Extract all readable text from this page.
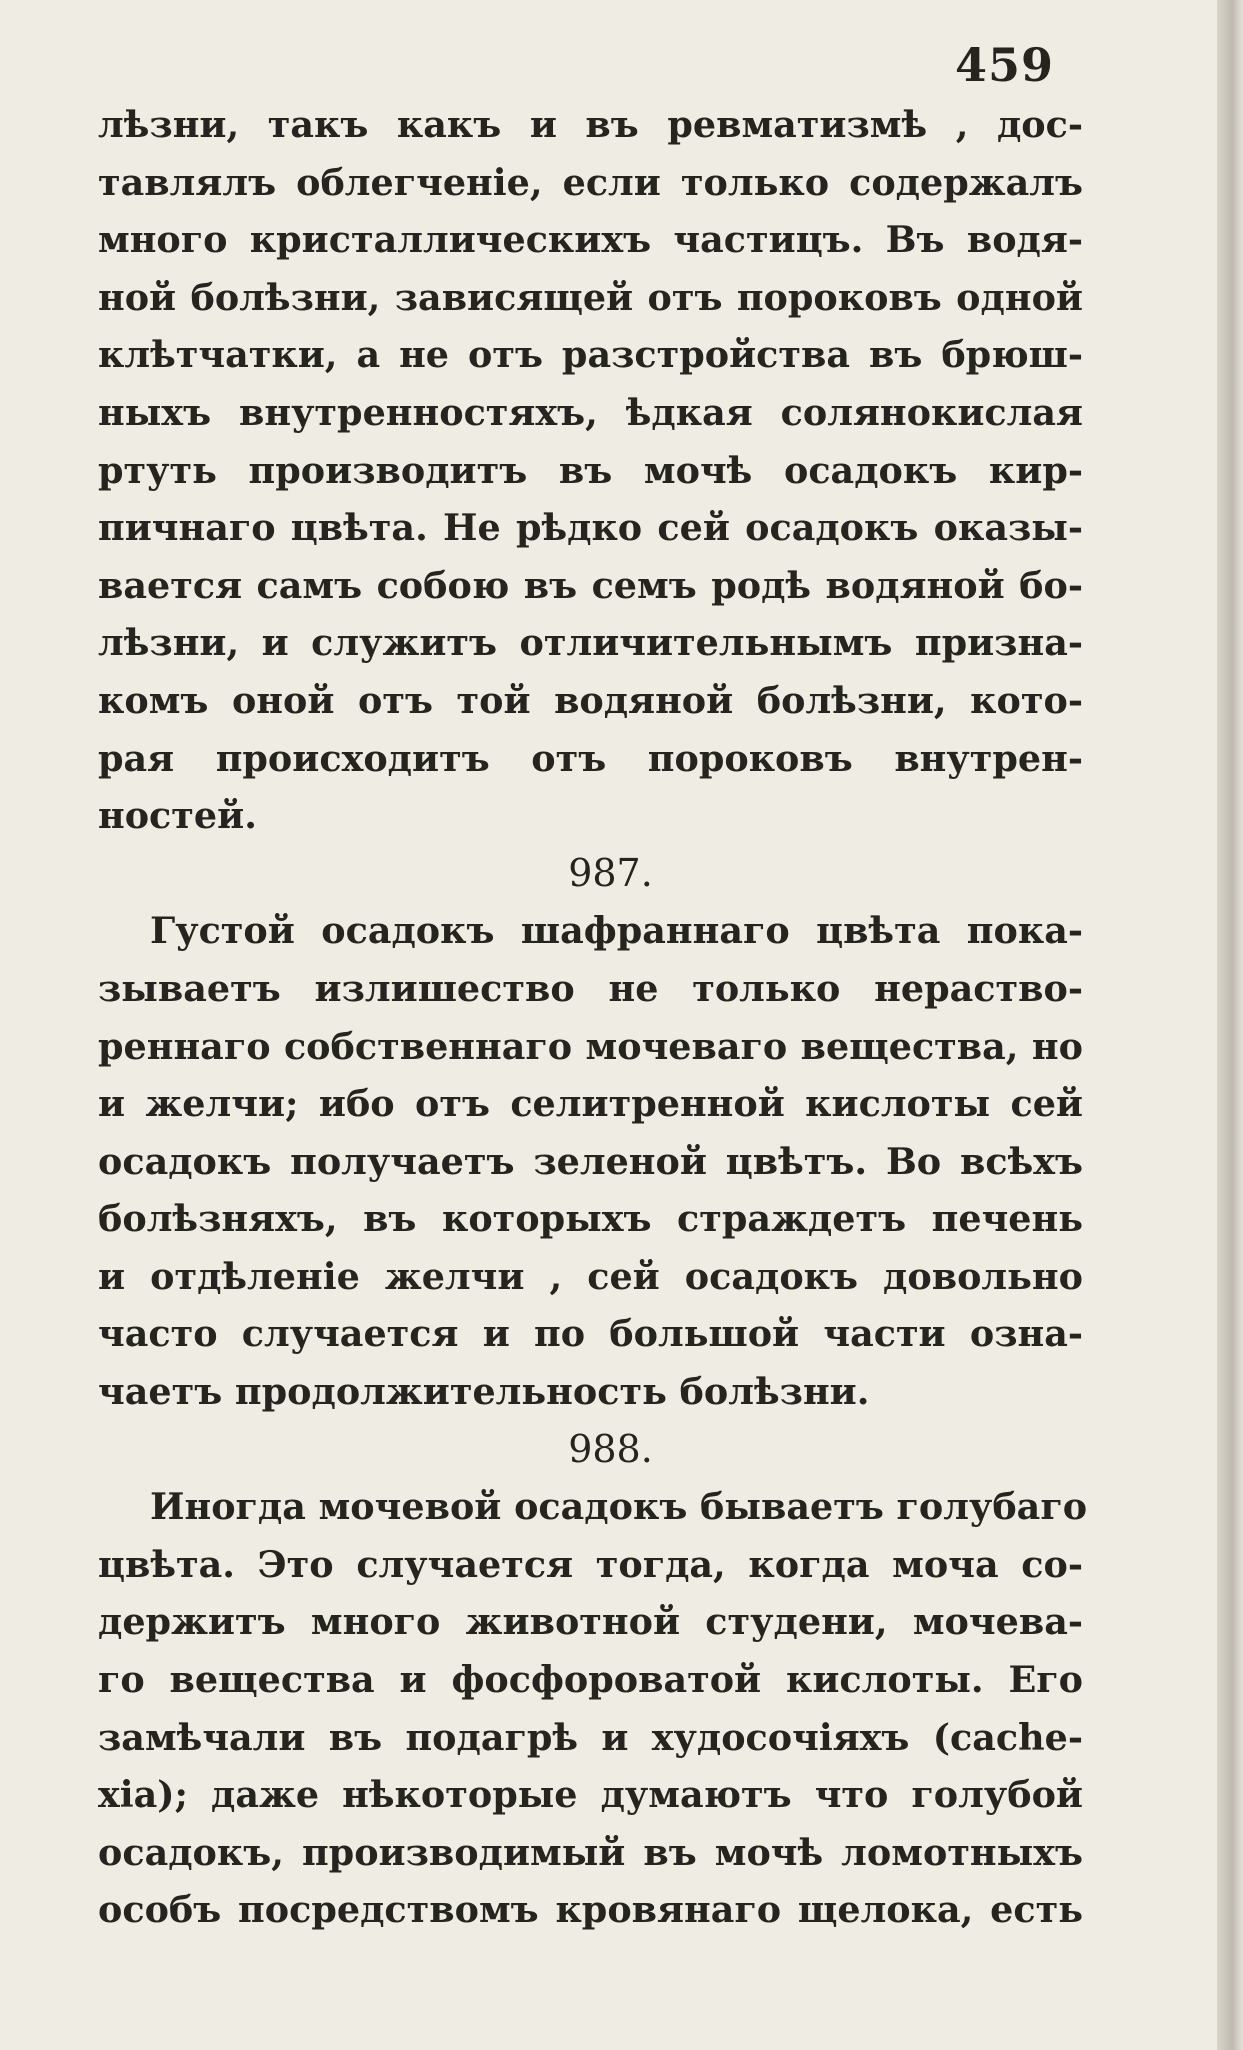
459
лѣзни, такъ какъ и въ ревматизмѣ , дос-
тавлялъ облегченіе, если только содержалъ
много кристаллическихъ частицъ. Въ водя-
ной болѣзни, зависящей отъ пороковъ одной
клѣтчатки, а не отъ разстройства въ брюш-
ныхъ внутренностяхъ, ѣдкая солянокислая
ртуть производитъ въ мочѣ осадокъ кир-
пичнаго цвѣта. Не рѣдко сей осадокъ оказы-
вается самъ собою въ семъ родѣ водяной бо-
лѣзни, и служитъ отличительнымъ призна-
комъ оной отъ той водяной болѣзни, кото-
рая происходитъ отъ пороковъ внутрен-
ностей.
987.
Густой осадокъ шафраннаго цвѣта пока-
зываетъ излишество не только нераство-
реннаго собственнаго мочеваго вещества, но
и желчи; ибо отъ селитренной кислоты сей
осадокъ получаетъ зеленой цвѣтъ. Во всѣхъ
болѣзняхъ, въ которыхъ страждетъ печень
и отдѣленіе желчи , сей осадокъ довольно
часто случается и по большой части озна-
чаетъ продолжительность болѣзни.
988.
Иногда мочевой осадокъ бываетъ голубаго
цвѣта. Это случается тогда, когда моча со-
держитъ много животной студени, мочева-
го вещества и фосфороватой кислоты. Его
замѣчали въ подагрѣ и худосочіяхъ (cache-
xia); даже нѣкоторые думаютъ что голубой
осадокъ, производимый въ мочѣ ломотныхъ
особъ посредствомъ кровянаго щелока, есть
